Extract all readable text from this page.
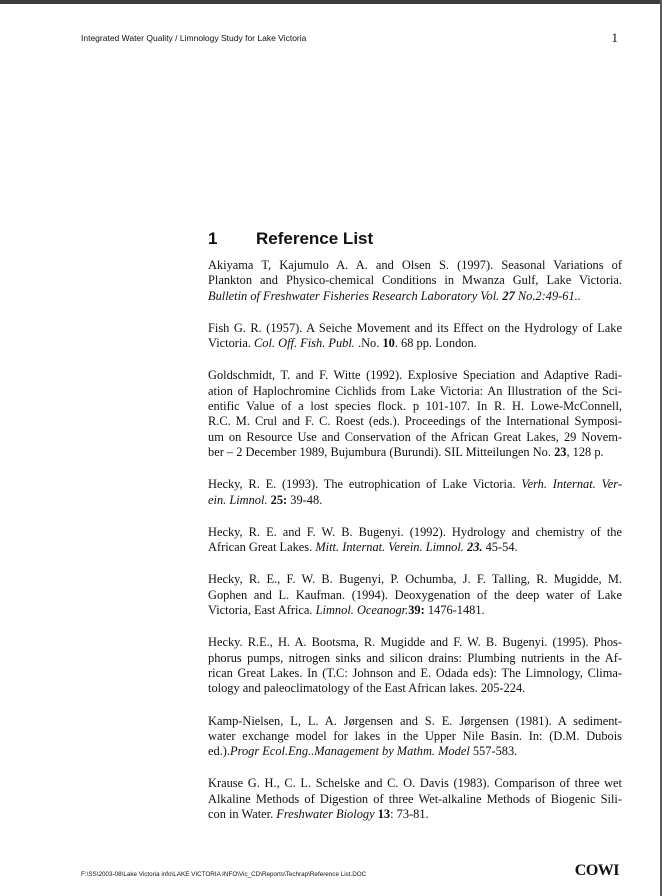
Integrated Water Quality / Limnology Study for Lake Victoria	1
1	Reference List

Akiyama T, Kajumulo A. A. and Olsen S. (1997). Seasonal Variations of
Plankton and Physico-chemical Conditions in Mwanza Gulf, Lake Victoria.
Bulletin of Freshwater Fisheries Research Laboratory Vol. 27 No.2:49-61..

Fish G. R. (1957). A Seiche Movement and its Effect on the Hydrology of Lake
Victoria. Col. Off. Fish. Publ. .No. 10. 68 pp. London.

Goldschmidt, T. and F. Witte (1992). Explosive Speciation and Adaptive Radi-
ation of Haplochromine Cichlids from Lake Victoria: An Illustration of the Sci-
entific Value of a lost species flock. p 101-107. In R. H. Lowe-McConnell,
R.C. M. Crul and F. C. Roest (eds.). Proceedings of the International Symposi-
um on Resource Use and Conservation of the African Great Lakes, 29 Novem-
ber – 2 December 1989, Bujumbura (Burundi). SIL Mitteilungen No. 23, 128 p.

Hecky, R. E. (1993). The eutrophication of Lake Victoria. Verh. Internat. Ver-
ein. Limnol. 25: 39-48.

Hecky, R. E. and F. W. B. Bugenyi. (1992). Hydrology and chemistry of the
African Great Lakes. Mitt. Internat. Verein. Limnol. 23. 45-54.

Hecky, R. E., F. W. B. Bugenyi, P. Ochumba, J. F. Talling, R. Mugidde, M.
Gophen and L. Kaufman. (1994). Deoxygenation of the deep water of Lake
Victoria, East Africa. Limnol. Oceanogr.39: 1476-1481.

Hecky. R.E., H. A. Bootsma, R. Mugidde and F. W. B. Bugenyi. (1995). Phos-
phorus pumps, nitrogen sinks and silicon drains: Plumbing nutrients in the Af-
rican Great Lakes. In (T.C: Johnson and E. Odada eds): The Limnology, Clima-
tology and paleoclimatology of the East African lakes. 205-224.

Kamp-Nielsen, L, L. A. Jørgensen and S. E. Jørgensen (1981). A sediment-
water exchange model for lakes in the Upper Nile Basin. In: (D.M. Dubois
ed.).Progr Ecol.Eng..Management by Mathm. Model 557-583.

Krause G. H., C. L. Schelske and C. O. Davis (1983). Comparison of three wet
Alkaline Methods of Digestion of three Wet-alkaline Methods of Biogenic Sili-
con in Water. Freshwater Biology 13: 73-81.

F:\SS\2003-08\Lake Victoria info\LAKE VICTORIA INFO\Vic_CD\Reports\Techrap\Reference List.DOC	COWI
